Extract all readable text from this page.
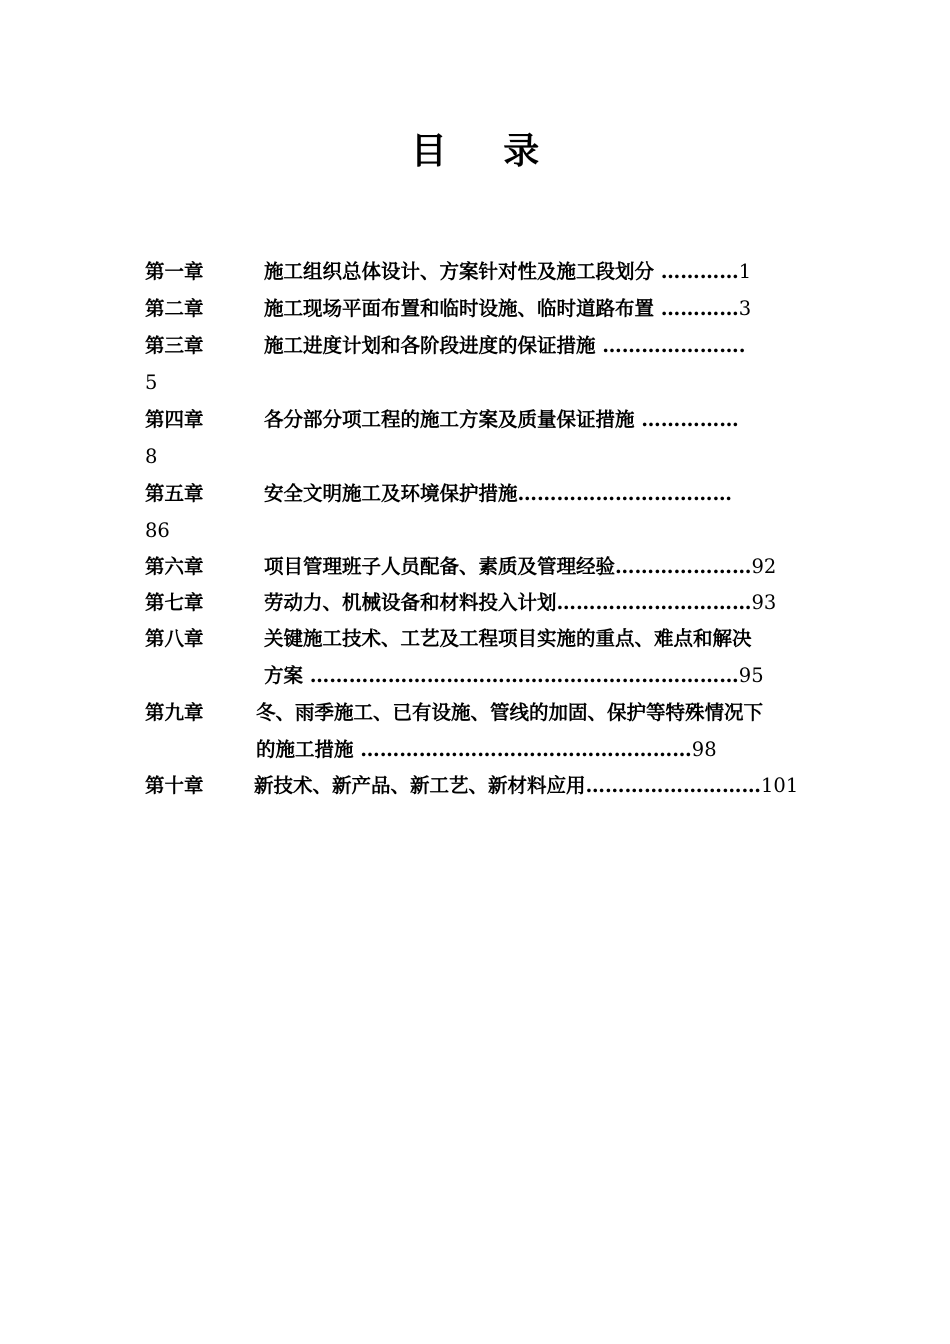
目 录
第一章	施工组织总体设计、方案针对性及施工段划分 …………1
第二章	施工现场平面布置和临时设施、临时道路布置 …………3
第三章	施工进度计划和各阶段进度的保证措施 ………………….
5
第四章	各分部分项工程的施工方案及质量保证措施 ……………
8
第五章	安全文明施工及环境保护措施……………………………
86
第六章	项目管理班子人员配备、素质及管理经验…………………92
第七章	劳动力、机械设备和材料投入计划…………………………93
第八章	关键施工技术、工艺及工程项目实施的重点、难点和解决
方案 …………………………………………………………95
第九章	冬、雨季施工、已有设施、管线的加固、保护等特殊情况下
的施工措施 ……………………………………………98
第十章	新技术、新产品、新工艺、新材料应用………………………101
